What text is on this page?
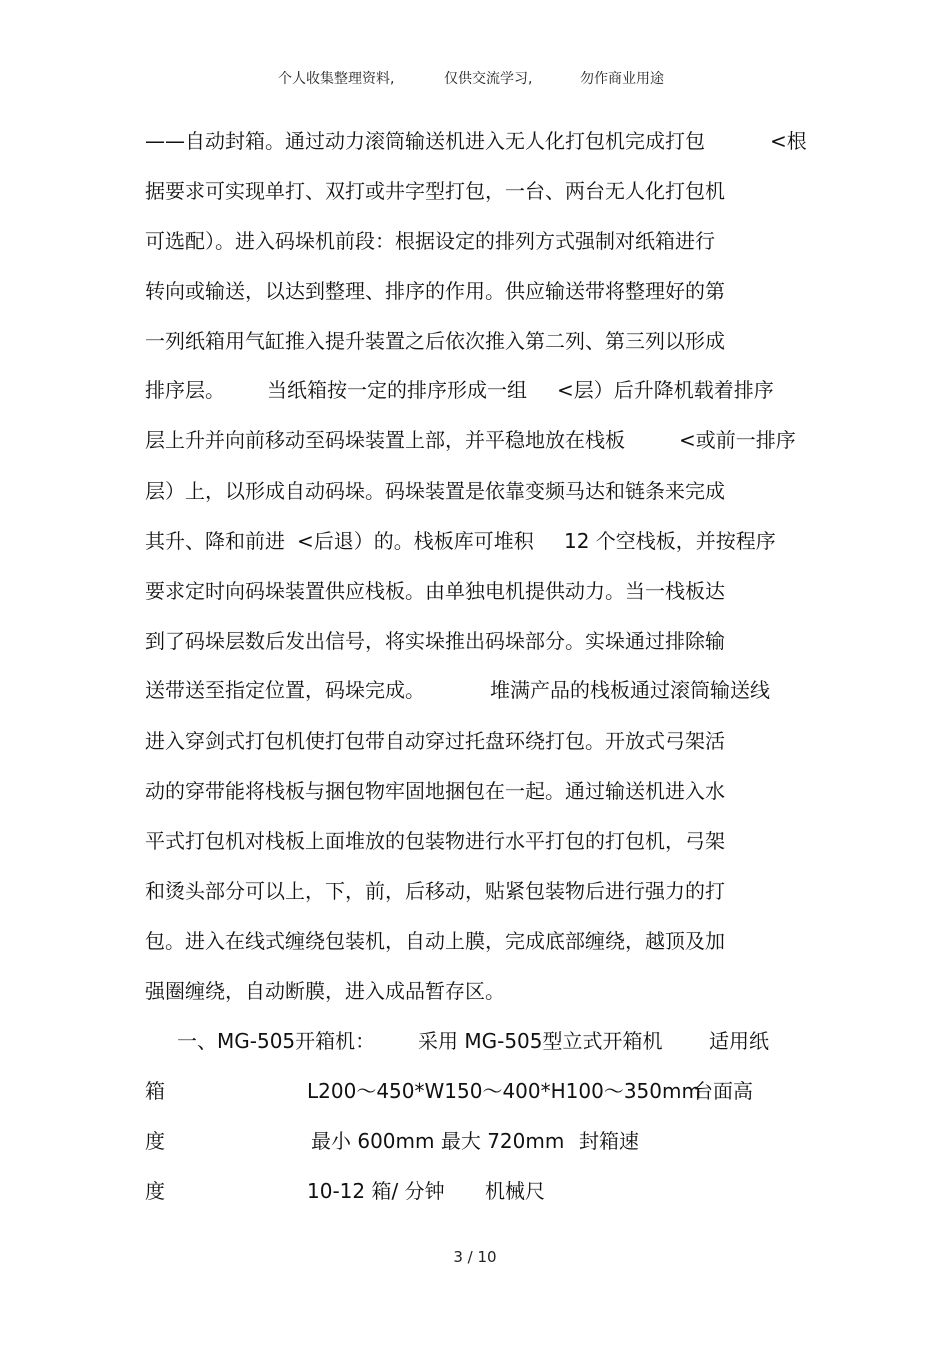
个人收集整理资料,	仅供交流学习,	勿作商业用途
——自动封箱。通过动力滚筒输送机进入无人化打包机完成打包	<根
据要求可实现单打、双打或井字型打包，一台、两台无人化打包机
可选配）。进入码垛机前段：根据设定的排列方式强制对纸箱进行
转向或输送，以达到整理、排序的作用。供应输送带将整理好的第
一列纸箱用气缸推入提升装置之后依次推入第二列、第三列以形成
排序层。 当纸箱按一定的排序形成一组 <层）后升降机载着排序
层上升并向前移动至码垛装置上部，并平稳地放在栈板	<或前一排序
层）上，以形成自动码垛。码垛装置是依靠变频马达和链条来完成
其升、降和前进 <后退）的。栈板库可堆积 12 个空栈板，并按程序
要求定时向码垛装置供应栈板。由单独电机提供动力。当一栈板达
到了码垛层数后发出信号，将实垛推出码垛部分。实垛通过排除输
送带送至指定位置，码垛完成。	堆满产品的栈板通过滚筒输送线
进入穿剑式打包机使打包带自动穿过托盘环绕打包。开放式弓架活
动的穿带能将栈板与捆包物牢固地捆包在一起。通过输送机进入水
平式打包机对栈板上面堆放的包装物进行水平打包的打包机，弓架
和烫头部分可以上，下，前，后移动，贴紧包装物后进行强力的打
包。进入在线式缠绕包装机，自动上膜，完成底部缠绕，越顶及加
强圈缠绕，自动断膜，进入成品暂存区。
一、MG-505开箱机： 采用 MG-505型立式开箱机 适用纸
箱	L200～450*W150～400*H100～350mm
台面高
度	最小 600mm 最大 720mm 封箱速
度	10-12 箱/ 分钟 机械尺
3 / 10
